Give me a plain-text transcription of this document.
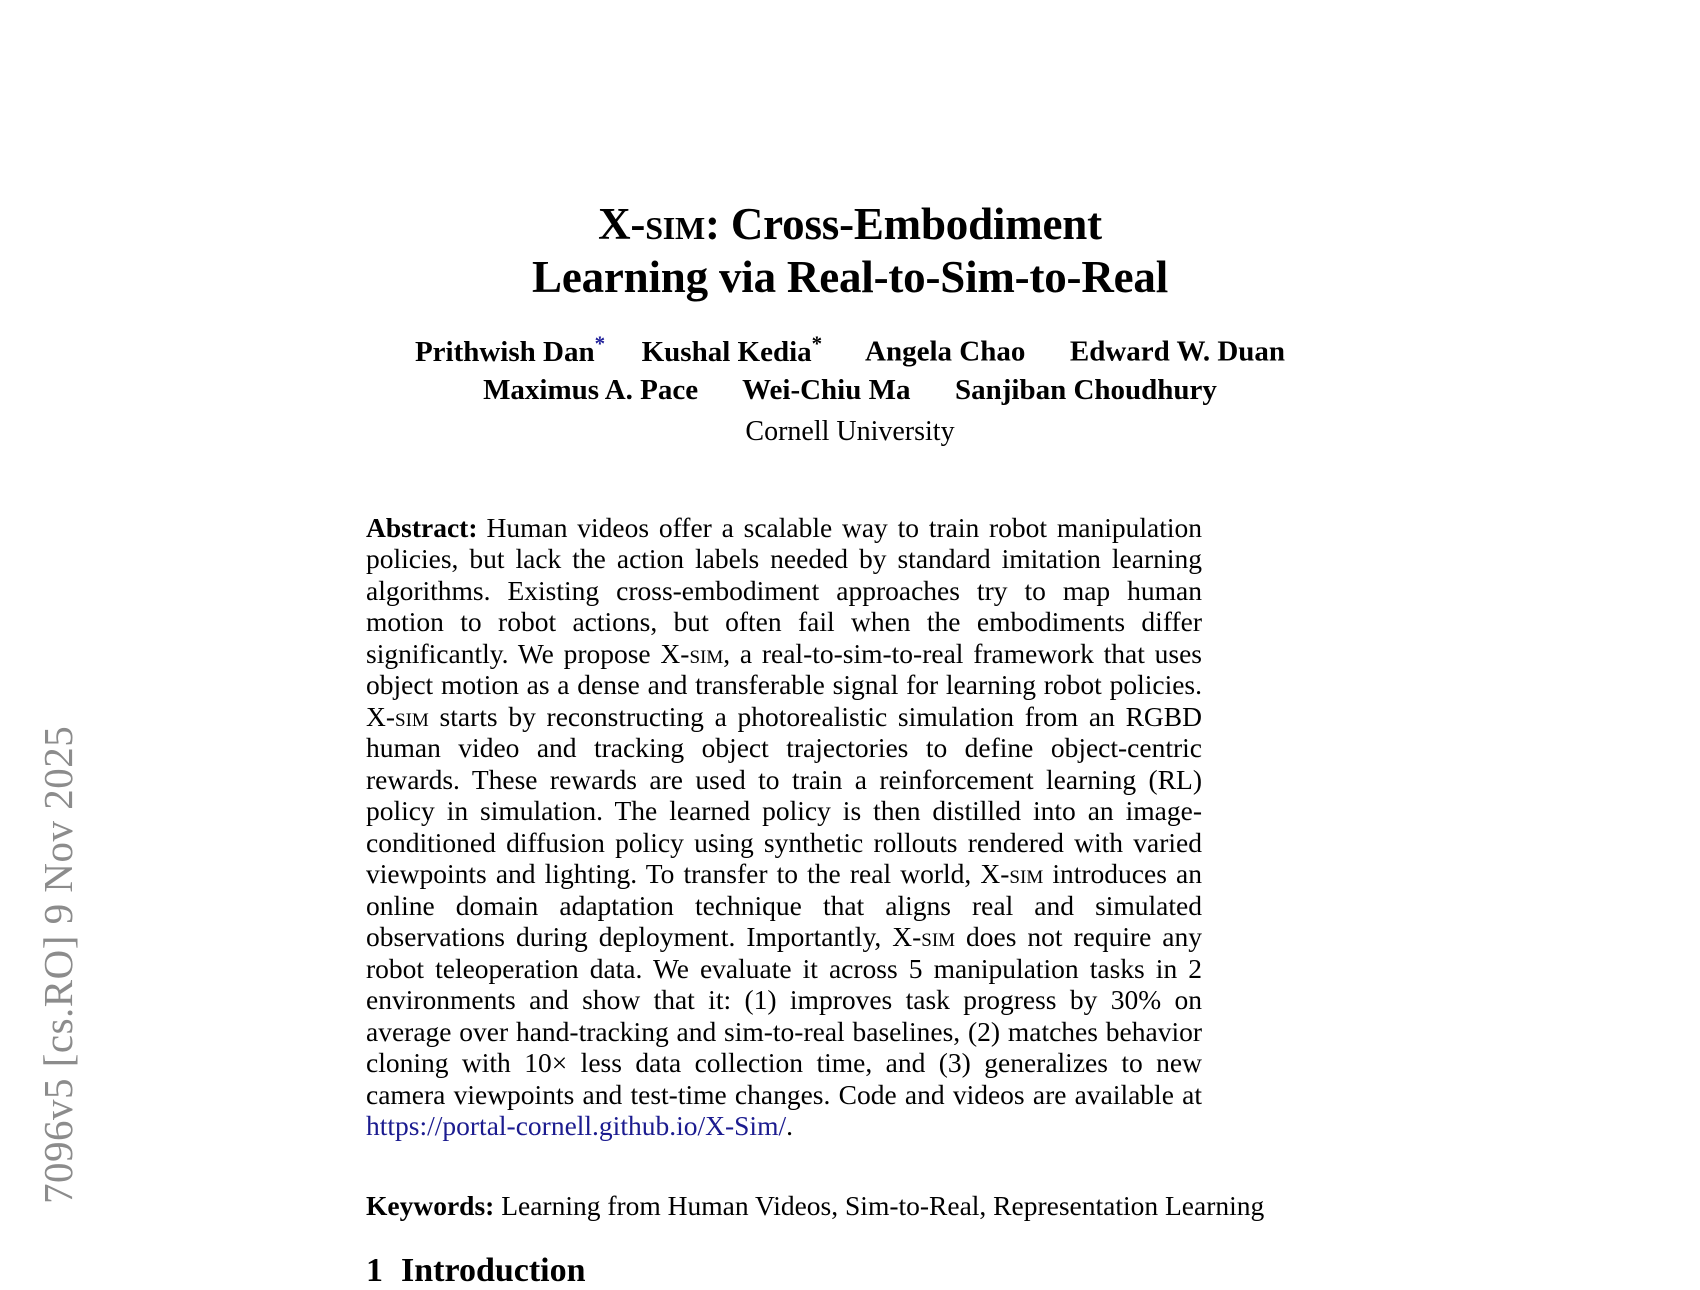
7096v5 [cs.RO] 9 Nov 2025
X-sim: Cross-Embodiment
Learning via Real-to-Sim-to-Real
Prithwish Dan* Kushal Kedia* Angela Chao Edward W. Duan
Maximus A. Pace Wei-Chiu Ma Sanjiban Choudhury
Cornell University

Abstract: Human videos offer a scalable way to train robot manipulation policies, but lack the action labels needed by standard imitation learning algorithms. Existing cross-embodiment approaches try to map human motion to robot actions, but often fail when the embodiments differ significantly. We propose X-sim, a real-to-sim-to-real framework that uses object motion as a dense and transferable signal for learning robot policies. X-sim starts by reconstructing a photorealistic simulation from an RGBD human video and tracking object trajectories to define object-centric rewards. These rewards are used to train a reinforcement learning (RL) policy in simulation. The learned policy is then distilled into an image-conditioned diffusion policy using synthetic rollouts rendered with varied viewpoints and lighting. To transfer to the real world, X-sim introduces an online domain adaptation technique that aligns real and simulated observations during deployment. Importantly, X-sim does not require any robot teleoperation data. We evaluate it across 5 manipulation tasks in 2 environments and show that it: (1) improves task progress by 30% on average over hand-tracking and sim-to-real baselines, (2) matches behavior cloning with 10× less data collection time, and (3) generalizes to new camera viewpoints and test-time changes. Code and videos are available at https://portal-cornell.github.io/X-Sim/.

Keywords: Learning from Human Videos, Sim-to-Real, Representation Learning

1 Introduction
